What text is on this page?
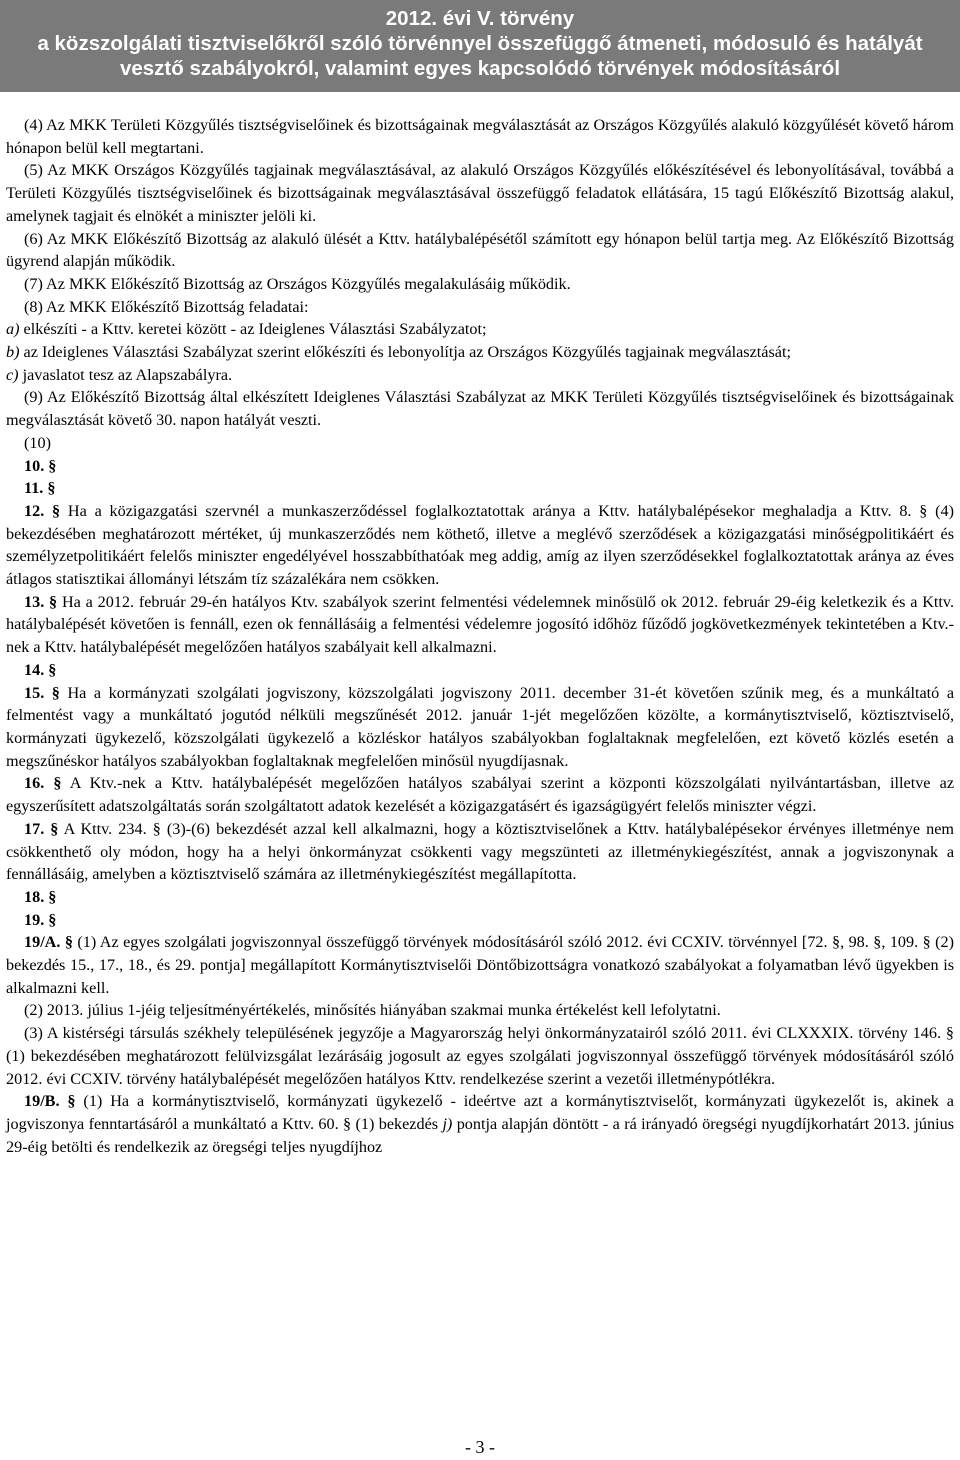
2012. évi V. törvény
a közszolgálati tisztviselőkről szóló törvénnyel összefüggő átmeneti, módosuló és hatályát
vesztő szabályokról, valamint egyes kapcsolódó törvények módosításáról

(4) Az MKK Területi Közgyűlés tisztségviselőinek és bizottságainak megválasztását az Országos Közgyűlés alakuló közgyűlését követő három hónapon belül kell megtartani.

(5) Az MKK Országos Közgyűlés tagjainak megválasztásával, az alakuló Országos Közgyűlés előkészítésével és lebonyolításával, továbbá a Területi Közgyűlés tisztségviselőinek és bizottságainak megválasztásával összefüggő feladatok ellátására, 15 tagú Előkészítő Bizottság alakul, amelynek tagjait és elnökét a miniszter jelöli ki.

(6) Az MKK Előkészítő Bizottság az alakuló ülését a Kttv. hatálybalépésétől számított egy hónapon belül tartja meg. Az Előkészítő Bizottság ügyrend alapján működik.

(7) Az MKK Előkészítő Bizottság az Országos Közgyűlés megalakulásáig működik.

(8) Az MKK Előkészítő Bizottság feladatai:

a) elkészíti - a Kttv. keretei között - az Ideiglenes Választási Szabályzatot;

b) az Ideiglenes Választási Szabályzat szerint előkészíti és lebonyolítja az Országos Közgyűlés tagjainak megválasztását;

c) javaslatot tesz az Alapszabályra.

(9) Az Előkészítő Bizottság által elkészített Ideiglenes Választási Szabályzat az MKK Területi Közgyűlés tisztségviselőinek és bizottságainak megválasztását követő 30. napon hatályát veszti.

(10)

10. §

11. §

12. § Ha a közigazgatási szervnél a munkaszerződéssel foglalkoztatottak aránya a Kttv. hatálybalépésekor meghaladja a Kttv. 8. § (4) bekezdésében meghatározott mértéket, új munkaszerződés nem köthető, illetve a meglévő szerződések a közigazgatási minőségpolitikáért és személyzetpolitikáért felelős miniszter engedélyével hosszabbíthatóak meg addig, amíg az ilyen szerződésekkel foglalkoztatottak aránya az éves átlagos statisztikai állományi létszám tíz százalékára nem csökken.

13. § Ha a 2012. február 29-én hatályos Ktv. szabályok szerint felmentési védelemnek minősülő ok 2012. február 29-éig keletkezik és a Kttv. hatálybalépését követően is fennáll, ezen ok fennállásáig a felmentési védelemre jogosító időhöz fűződő jogkövetkezmények tekintetében a Ktv.-nek a Kttv. hatálybalépését megelőzően hatályos szabályait kell alkalmazni.

14. §

15. § Ha a kormányzati szolgálati jogviszony, közszolgálati jogviszony 2011. december 31-ét követően szűnik meg, és a munkáltató a felmentést vagy a munkáltató jogutód nélküli megszűnését 2012. január 1-jét megelőzően közölte, a kormánytisztviselő, köztisztviselő, kormányzati ügykezelő, közszolgálati ügykezelő a közléskor hatályos szabályokban foglaltaknak megfelelően, ezt követő közlés esetén a megszűnéskor hatályos szabályokban foglaltaknak megfelelően minősül nyugdíjasnak.

16. § A Ktv.-nek a Kttv. hatálybalépését megelőzően hatályos szabályai szerint a központi közszolgálati nyilvántartásban, illetve az egyszerűsített adatszolgáltatás során szolgáltatott adatok kezelését a közigazgatásért és igazságügyért felelős miniszter végzi.

17. § A Kttv. 234. § (3)-(6) bekezdését azzal kell alkalmazni, hogy a köztisztviselőnek a Kttv. hatálybalépésekor érvényes illetménye nem csökkenthető oly módon, hogy ha a helyi önkormányzat csökkenti vagy megszünteti az illetménykiegészítést, annak a jogviszonynak a fennállásáig, amelyben a köztisztviselő számára az illetménykiegészítést megállapította.

18. §

19. §

19/A. § (1) Az egyes szolgálati jogviszonnyal összefüggő törvények módosításáról szóló 2012. évi CCXIV. törvénnyel [72. §, 98. §, 109. § (2) bekezdés 15., 17., 18., és 29. pontja] megállapított Kormánytisztviselői Döntőbizottságra vonatkozó szabályokat a folyamatban lévő ügyekben is alkalmazni kell.

(2) 2013. július 1-jéig teljesítményértékelés, minősítés hiányában szakmai munka értékelést kell lefolytatni.

(3) A kistérségi társulás székhely településének jegyzője a Magyarország helyi önkormányzatairól szóló 2011. évi CLXXXIX. törvény 146. § (1) bekezdésében meghatározott felülvizsgálat lezárásáig jogosult az egyes szolgálati jogviszonnyal összefüggő törvények módosításáról szóló 2012. évi CCXIV. törvény hatálybalépését megelőzően hatályos Kttv. rendelkezése szerint a vezetői illetménypótlékra.

19/B. § (1) Ha a kormánytisztviselő, kormányzati ügykezelő - ideértve azt a kormánytisztviselőt, kormányzati ügykezelőt is, akinek a jogviszonya fenntartásáról a munkáltató a Kttv. 60. § (1) bekezdés j) pontja alapján döntött - a rá irányadó öregségi nyugdíjkorhatárt 2013. június 29-éig betölti és rendelkezik az öregségi teljes nyugdíjhoz

- 3 -
